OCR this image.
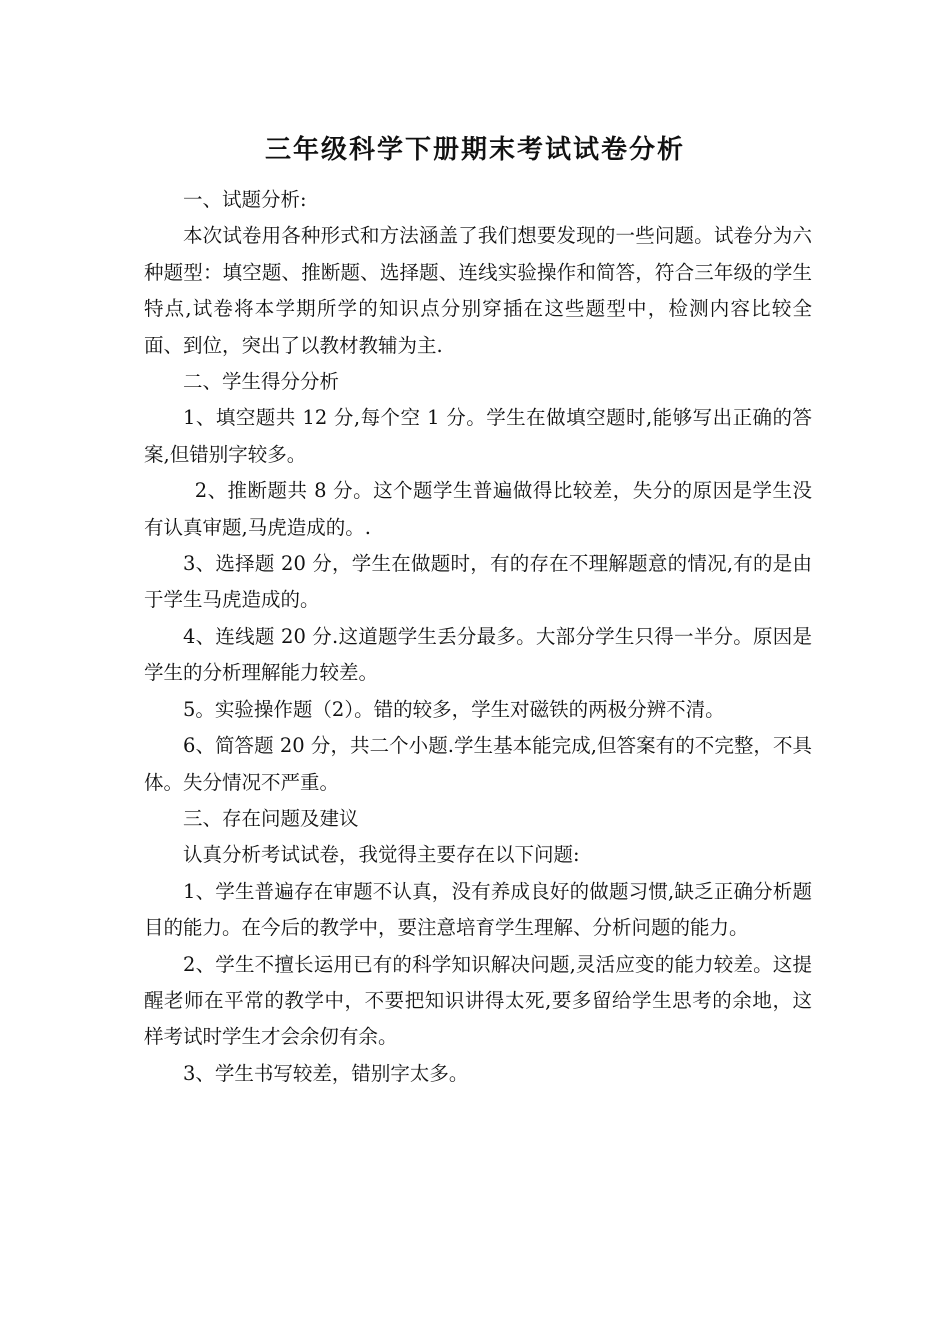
三年级科学下册期末考试试卷分析

一、试题分析:

本次试卷用各种形式和方法涵盖了我们想要发现的一些问题。试卷分为六种题型：填空题、推断题、选择题、连线实验操作和简答，符合三年级的学生特点,试卷将本学期所学的知识点分别穿插在这些题型中，检测内容比较全面、到位，突出了以教材教辅为主.

二、学生得分分析

1、填空题共 12 分,每个空 1 分。学生在做填空题时,能够写出正确的答案,但错别字较多。

2、推断题共 8 分。这个题学生普遍做得比较差，失分的原因是学生没有认真审题,马虎造成的。.

3、选择题 20 分，学生在做题时，有的存在不理解题意的情况,有的是由于学生马虎造成的。

4、连线题 20 分.这道题学生丢分最多。大部分学生只得一半分。原因是学生的分析理解能力较差。

5。实验操作题（2）。错的较多，学生对磁铁的两极分辨不清。

6、简答题 20 分，共二个小题.学生基本能完成,但答案有的不完整，不具体。失分情况不严重。

三、存在问题及建议

认真分析考试试卷，我觉得主要存在以下问题:

1、学生普遍存在审题不认真，没有养成良好的做题习惯,缺乏正确分析题目的能力。在今后的教学中，要注意培育学生理解、分析问题的能力。

2、学生不擅长运用已有的科学知识解决问题,灵活应变的能力较差。这提醒老师在平常的教学中，不要把知识讲得太死,要多留给学生思考的余地，这样考试时学生才会余仞有余。

3、学生书写较差，错别字太多。
